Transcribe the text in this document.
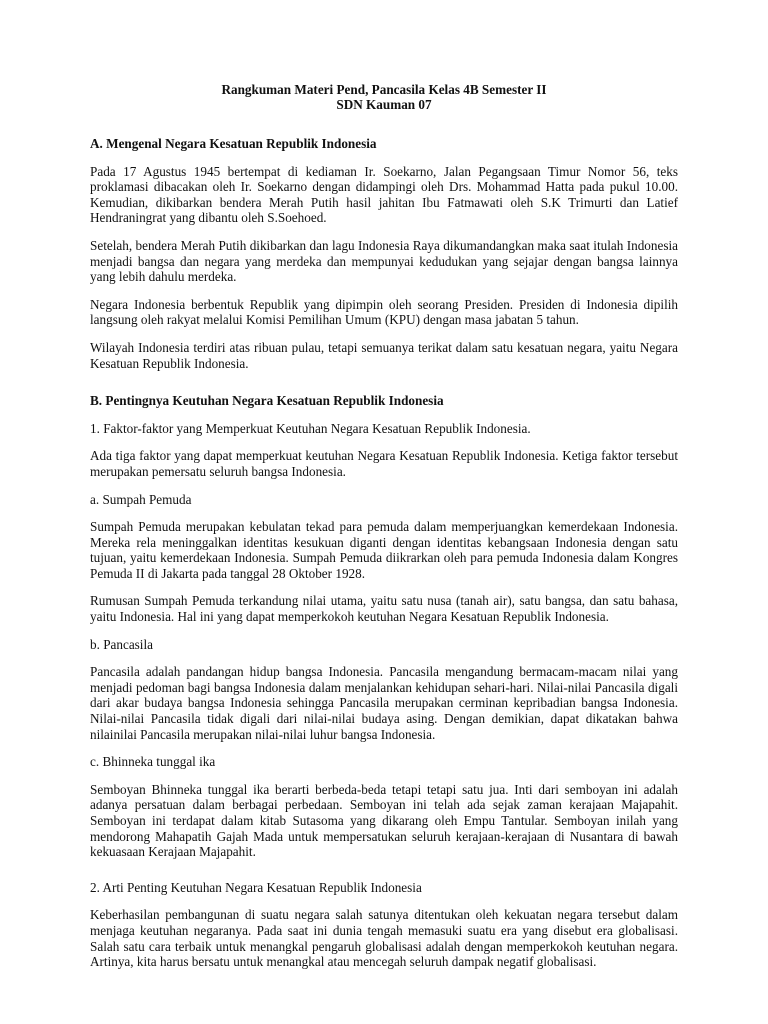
Rangkuman Materi Pend, Pancasila Kelas 4B Semester II
SDN Kauman 07
A. Mengenal Negara Kesatuan Republik Indonesia

Pada 17 Agustus 1945 bertempat di kediaman Ir. Soekarno, Jalan Pegangsaan Timur Nomor 56, teks proklamasi dibacakan oleh Ir. Soekarno dengan didampingi oleh Drs. Mohammad Hatta pada pukul 10.00. Kemudian, dikibarkan bendera Merah Putih hasil jahitan Ibu Fatmawati oleh S.K Trimurti dan Latief Hendraningrat yang dibantu oleh S.Soehoed.

Setelah, bendera Merah Putih dikibarkan dan lagu Indonesia Raya dikumandangkan maka saat itulah Indonesia menjadi bangsa dan negara yang merdeka dan mempunyai kedudukan yang sejajar dengan bangsa lainnya yang lebih dahulu merdeka.

Negara Indonesia berbentuk Republik yang dipimpin oleh seorang Presiden. Presiden di Indonesia dipilih langsung oleh rakyat melalui Komisi Pemilihan Umum (KPU) dengan masa jabatan 5 tahun.

Wilayah Indonesia terdiri atas ribuan pulau, tetapi semuanya terikat dalam satu kesatuan negara, yaitu Negara Kesatuan Republik Indonesia.

B. Pentingnya Keutuhan Negara Kesatuan Republik Indonesia
1. Faktor-faktor yang Memperkuat Keutuhan Negara Kesatuan Republik Indonesia.

Ada tiga faktor yang dapat memperkuat keutuhan Negara Kesatuan Republik Indonesia. Ketiga faktor tersebut merupakan pemersatu seluruh bangsa Indonesia.

a. Sumpah Pemuda

Sumpah Pemuda merupakan kebulatan tekad para pemuda dalam memperjuangkan kemerdekaan Indonesia. Mereka rela meninggalkan identitas kesukuan diganti dengan identitas kebangsaan Indonesia dengan satu tujuan, yaitu kemerdekaan Indonesia. Sumpah Pemuda diikrarkan oleh para pemuda Indonesia dalam Kongres Pemuda II di Jakarta pada tanggal 28 Oktober 1928.

Rumusan Sumpah Pemuda terkandung nilai utama, yaitu satu nusa (tanah air), satu bangsa, dan satu bahasa, yaitu Indonesia. Hal ini yang dapat memperkokoh keutuhan Negara Kesatuan Republik Indonesia.

b. Pancasila

Pancasila adalah pandangan hidup bangsa Indonesia. Pancasila mengandung bermacam-macam nilai yang menjadi pedoman bagi bangsa Indonesia dalam menjalankan kehidupan sehari-hari. Nilai-nilai Pancasila digali dari akar budaya bangsa Indonesia sehingga Pancasila merupakan cerminan kepribadian bangsa Indonesia. Nilai-nilai Pancasila tidak digali dari nilai-nilai budaya asing. Dengan demikian, dapat dikatakan bahwa nilainilai Pancasila merupakan nilai-nilai luhur bangsa Indonesia.

c. Bhinneka tunggal ika

Semboyan Bhinneka tunggal ika berarti berbeda-beda tetapi tetapi satu jua. Inti dari semboyan ini adalah adanya persatuan dalam berbagai perbedaan. Semboyan ini telah ada sejak zaman kerajaan Majapahit. Semboyan ini terdapat dalam kitab Sutasoma yang dikarang oleh Empu Tantular. Semboyan inilah yang mendorong Mahapatih Gajah Mada untuk mempersatukan seluruh kerajaan-kerajaan di Nusantara di bawah kekuasaan Kerajaan Majapahit.

2. Arti Penting Keutuhan Negara Kesatuan Republik Indonesia

Keberhasilan pembangunan di suatu negara salah satunya ditentukan oleh kekuatan negara tersebut dalam menjaga keutuhan negaranya. Pada saat ini dunia tengah memasuki suatu era yang disebut era globalisasi. Salah satu cara terbaik untuk menangkal pengaruh globalisasi adalah dengan memperkokoh keutuhan negara. Artinya, kita harus bersatu untuk menangkal atau mencegah seluruh dampak negatif globalisasi.
